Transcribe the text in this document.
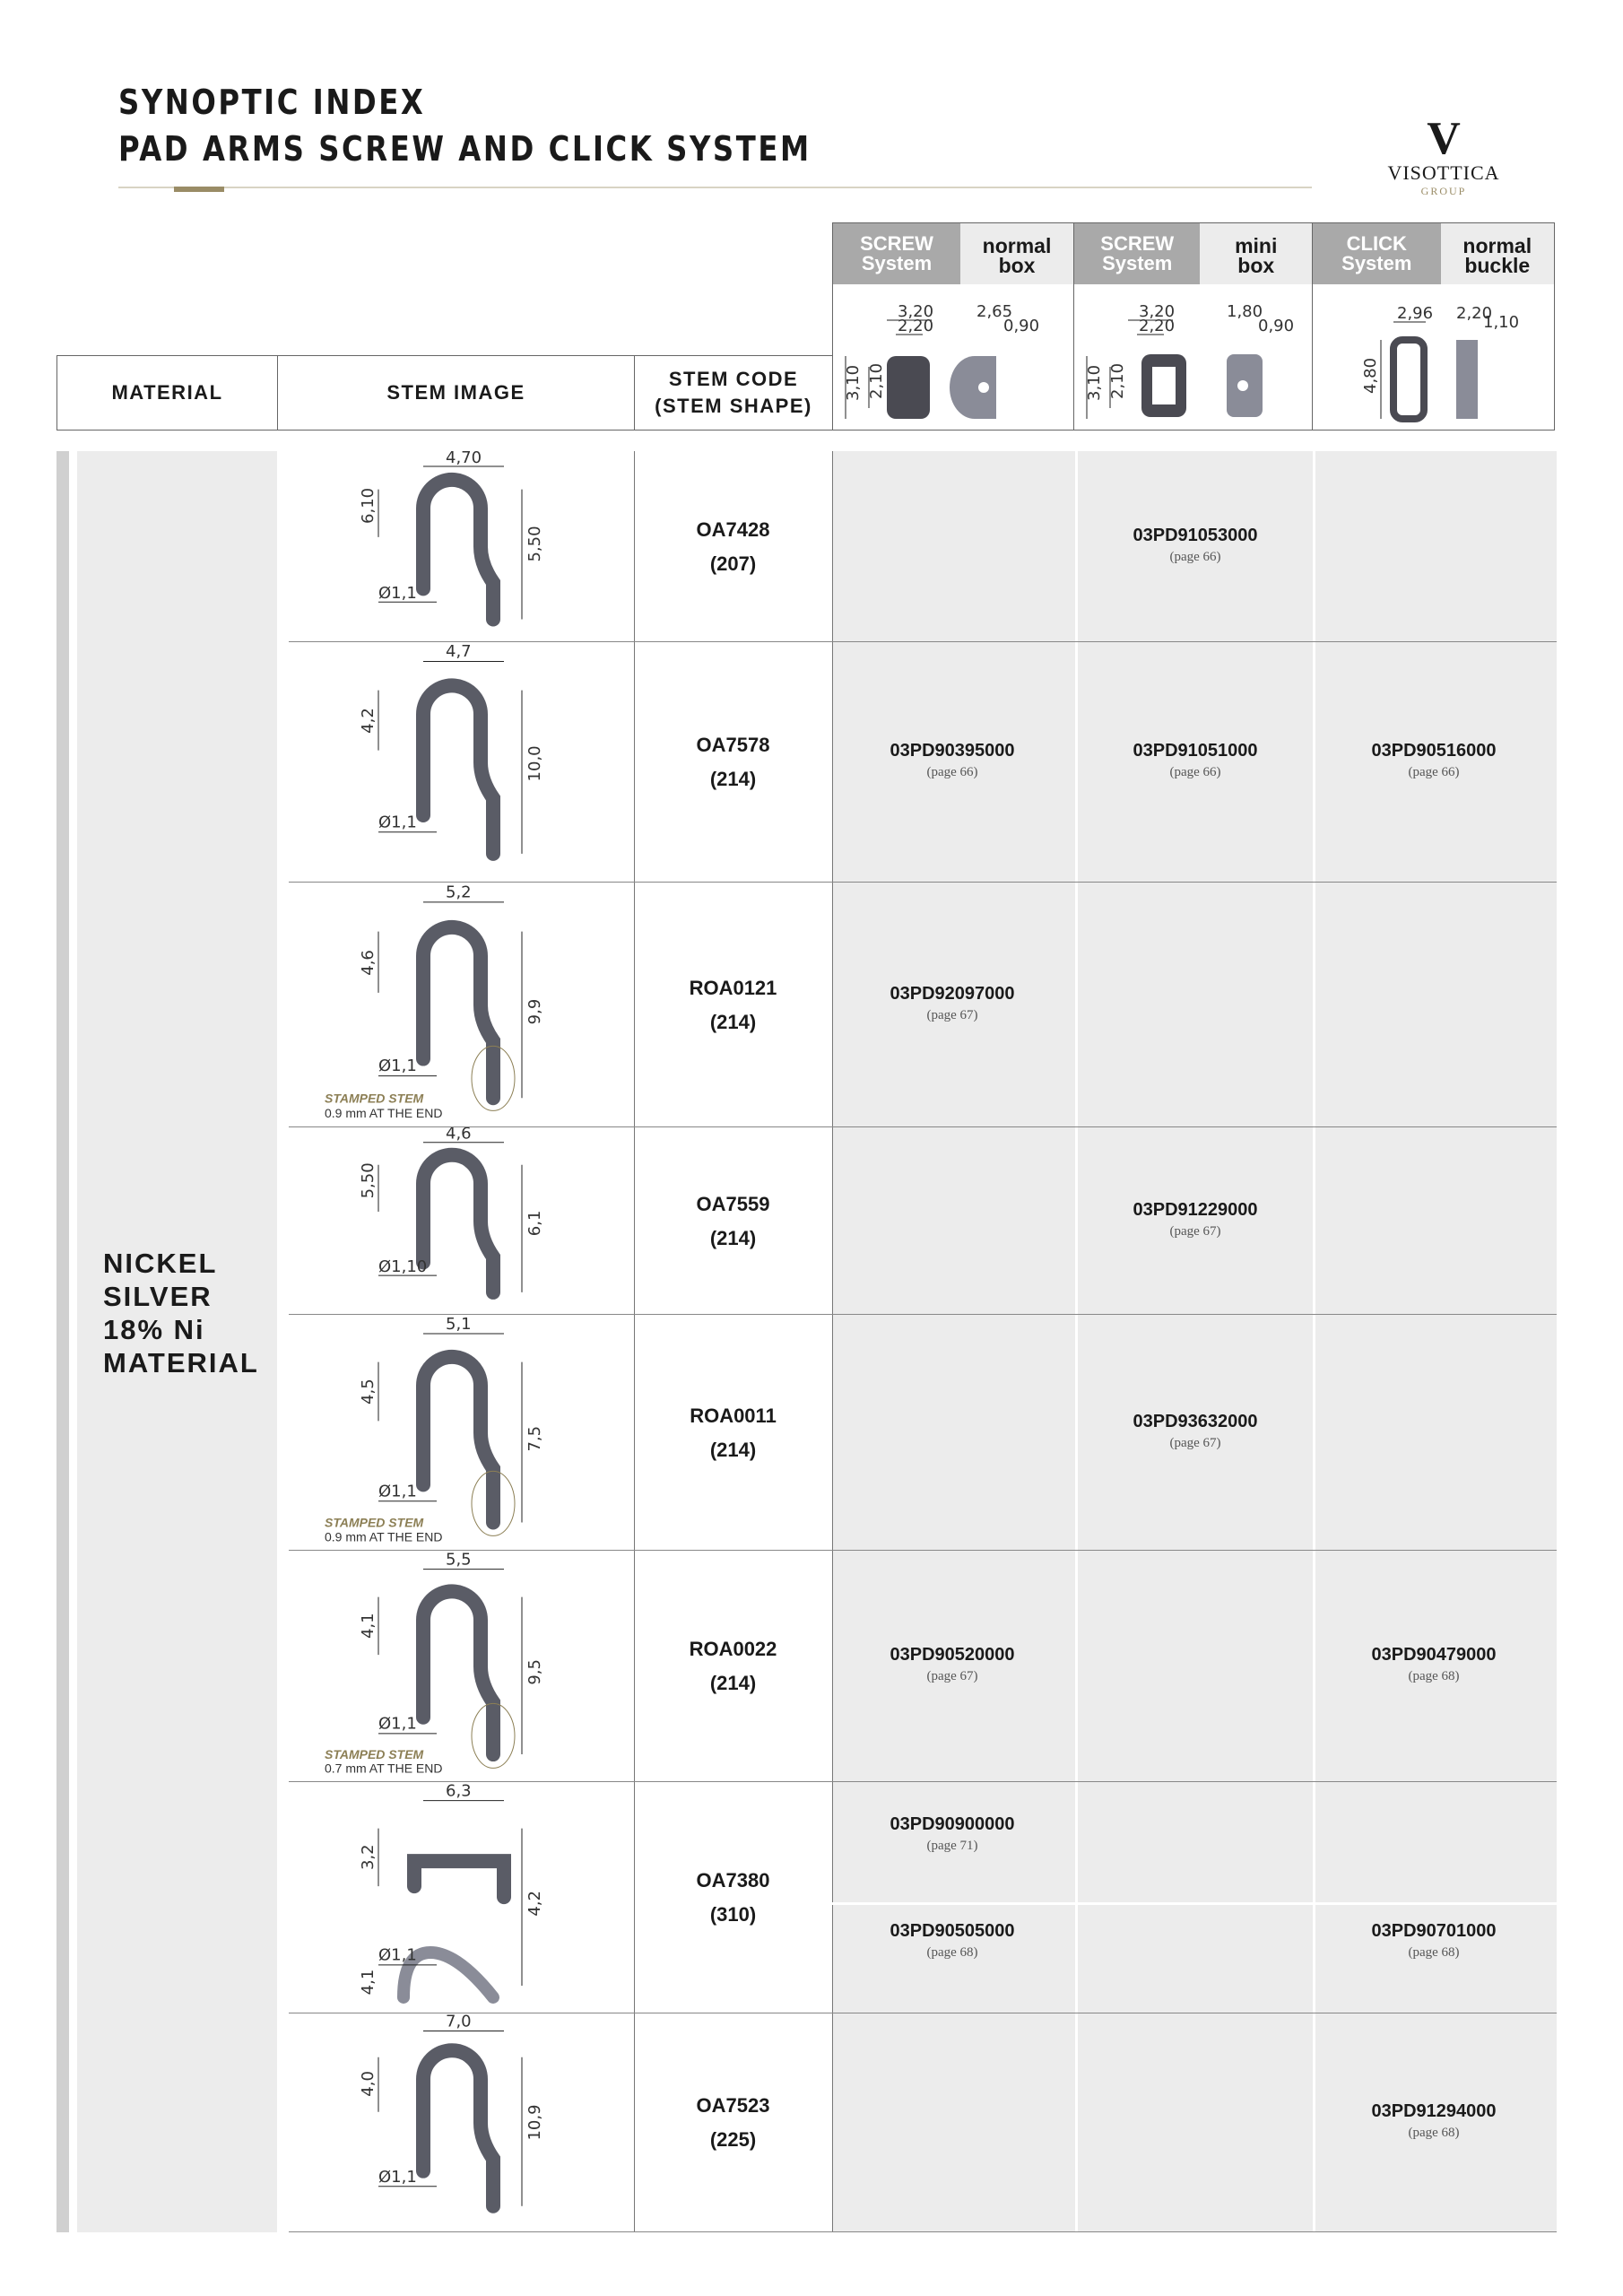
SYNOPTIC INDEX
PAD ARMS SCREW AND CLICK SYSTEM	V
VISOTTICA
GROUP
SCREW
System
normal
box
3,20
2,20
2,65
0,90
3,10 2,10
SCREW
System
mini
box
3,20
2,20
1,80
0,90
3,10 2,10
CLICK
System
normal
buckle
2,96 2,20
1,10
4,80
MATERIAL	STEM IMAGE
STEM CODE
(STEM SHAPE)
NICKEL
SILVER
18% Ni
MATERIAL
4,70
6,10
5,50
Ø1,1
OA7428
(207)
03PD91053000
(page 66)
4,7
4,2
10,0
Ø1,1
OA7578
(214)
03PD90395000
(page 66)
03PD91051000
(page 66)
03PD90516000
(page 66)
5,2
4,6
9,9
Ø1,1
STAMPED STEM
0.9 mm AT THE END
ROA0121
(214)
03PD92097000
(page 67)
4,6
5,50
6,1
Ø1,10
OA7559
(214)
03PD91229000
(page 67)
5,1
4,5
7,5
Ø1,1
STAMPED STEM
0.9 mm AT THE END
ROA0011
(214)
03PD93632000
(page 67)
5,5
4,1
9,5
Ø1,1
STAMPED STEM
0.7 mm AT THE END
ROA0022
(214)
03PD90520000
(page 67)
03PD90479000
(page 68)
6,3
3,2
4,2
Ø1,1
4,1
OA7380
(310)
03PD90900000
(page 71)
03PD90505000
(page 68)
03PD90701000
(page 68)
7,0
4,0
10,9
Ø1,1
OA7523
(225)
03PD91294000
(page 68)
